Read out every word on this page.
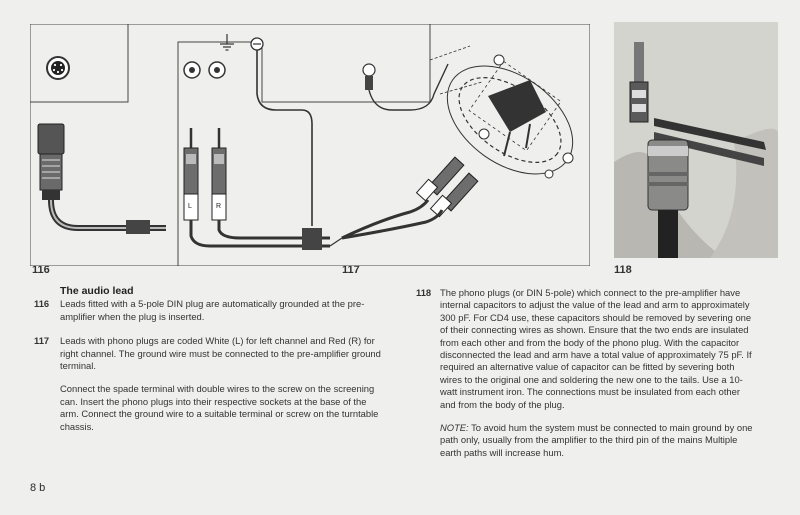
L	R
116	117	118
The audio lead
116 Leads fitted with a 5-pole DIN plug are automatically grounded at the pre-amplifier when the plug is inserted.

117 Leads with phono plugs are coded White (L) for left channel and Red (R) for right channel. The ground wire must be connected to the pre-amplifier ground terminal.

Connect the spade terminal with double wires to the screw on the screening can. Insert the phono plugs into their respective sockets at the base of the arm. Connect the ground wire to a suitable terminal or screw on the turntable chassis.

118 The phono plugs (or DIN 5-pole) which connect to the pre-amplifier have internal capacitors to adjust the value of the lead and arm to approximately 300 pF. For CD4 use, these capacitors should be removed by severing one of their connecting wires as shown. Ensure that the two ends are insulated from each other and from the body of the phono plug. With the capacitor disconnected the lead and arm have a total value of approximately 75 pF. If required an alternative value of capacitor can be fitted by severing both wires to the original one and soldering the new one to the tails. Use a 10-watt instrument iron. The connections must be insulated from each other and from the body of the plug.

NOTE: To avoid hum the system must be connected to main ground by one path only, usually from the amplifier to the third pin of the mains Multiple earth paths will increase hum.

8 b
